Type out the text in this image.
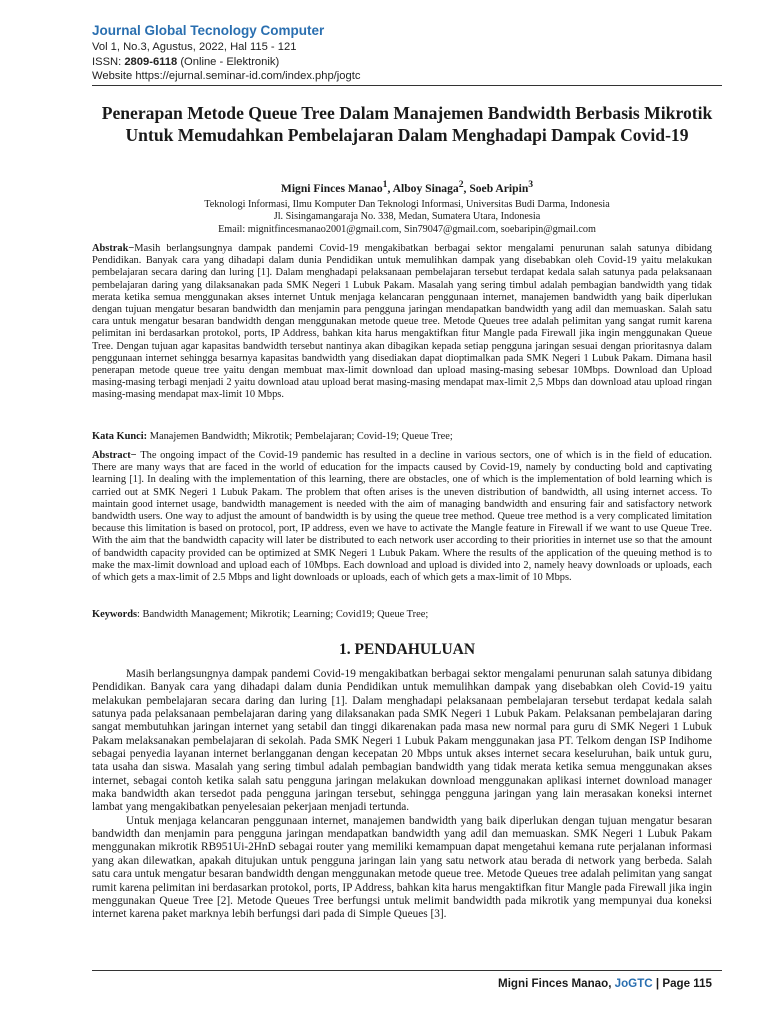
Journal Global Tecnology Computer
Vol 1, No.3, Agustus, 2022, Hal 115 - 121
ISSN: 2809-6118 (Online - Elektronik)
Website https://ejurnal.seminar-id.com/index.php/jogtc
Penerapan Metode Queue Tree Dalam Manajemen Bandwidth Berbasis Mikrotik Untuk Memudahkan Pembelajaran Dalam Menghadapi Dampak Covid-19
Migni Finces Manao$^1$, Alboy Sinaga$^2$, Soeb Aripin$^3$
Teknologi Informasi, Ilmu Komputer Dan Teknologi Informasi, Universitas Budi Darma, Indonesia
Jl. Sisingamangaraja No. 338, Medan, Sumatera Utara, Indonesia
Email: mignitfincesmanao2001@gmail.com, Sin79047@gmail.com, soebaripin@gmail.com
Abstrak−Masih berlangsungnya dampak pandemi Covid-19 mengakibatkan berbagai sektor mengalami penurunan salah satunya dibidang Pendidikan. Banyak cara yang dihadapi dalam dunia Pendidikan untuk memulihkan dampak yang disebabkan oleh Covid-19 yaitu melakukan pembelajaran secara daring dan luring [1]. Dalam menghadapi pelaksanaan pembelajaran tersebut terdapat kedala salah satunya pada pelaksanaan pembelajaran daring yang dilaksanakan pada SMK Negeri 1 Lubuk Pakam. Masalah yang sering timbul adalah pembagian bandwidth yang tidak merata ketika semua menggunakan akses internet Untuk menjaga kelancaran penggunaan internet, manajemen bandwidth yang baik diperlukan dengan tujuan mengatur besaran bandwidth dan menjamin para pengguna jaringan mendapatkan bandwidth yang adil dan memuaskan. Salah satu cara untuk mengatur besaran bandwidth dengan menggunakan metode queue tree. Metode Queues tree adalah pelimitan yang sangat rumit karena pelimitan ini berdasarkan protokol, ports, IP Address, bahkan kita harus mengaktifkan fitur Mangle pada Firewall jika ingin menggunakan Queue Tree. Dengan tujuan agar kapasitas bandwidth tersebut nantinya akan dibagikan kepada setiap pengguna jaringan sesuai dengan prioritasnya dalam penggunaan internet sehingga besarnya kapasitas bandwidth yang disediakan dapat dioptimalkan pada SMK Negeri 1 Lubuk Pakam. Dimana hasil penerapan metode queue tree yaitu dengan membuat max-limit download dan upload masing-masing sebesar 10Mbps. Download dan Upload masing-masing terbagi menjadi 2 yaitu download atau upload berat masing-masing mendapat max-limit 2,5 Mbps dan download atau upload ringan masing-masing mendapat max-limit 10 Mbps.
Kata Kunci: Manajemen Bandwidth; Mikrotik; Pembelajaran; Covid-19; Queue Tree;
Abstract− The ongoing impact of the Covid-19 pandemic has resulted in a decline in various sectors, one of which is in the field of education. There are many ways that are faced in the world of education for the impacts caused by Covid-19, namely by conducting bold and captivating learning [1]. In dealing with the implementation of this learning, there are obstacles, one of which is the implementation of bold learning which is carried out at SMK Negeri 1 Lubuk Pakam. The problem that often arises is the uneven distribution of bandwidth, all using internet access. To maintain good internet usage, bandwidth management is needed with the aim of managing bandwidth and ensuring fair and satisfactory network bandwidth users. One way to adjust the amount of bandwidth is by using the queue tree method. Queue tree method is a very complicated limitation because this limitation is based on protocol, port, IP address, even we have to activate the Mangle feature in Firewall if we want to use Queue Tree. With the aim that the bandwidth capacity will later be distributed to each network user according to their priorities in internet use so that the amount of bandwidth capacity provided can be optimized at SMK Negeri 1 Lubuk Pakam. Where the results of the application of the queuing method is to make the max-limit download and upload each of 10Mbps. Each download and upload is divided into 2, namely heavy downloads or uploads, each of which gets a max-limit of 2.5 Mbps and light downloads or uploads, each of which gets a max-limit of 10 Mbps.
Keywords: Bandwidth Management; Mikrotik; Learning; Covid19; Queue Tree;
1. PENDAHULUAN

Masih berlangsungnya dampak pandemi Covid-19 mengakibatkan berbagai sektor mengalami penurunan salah satunya dibidang Pendidikan. Banyak cara yang dihadapi dalam dunia Pendidikan untuk memulihkan dampak yang disebabkan oleh Covid-19 yaitu melakukan pembelajaran secara daring dan luring [1]. Dalam menghadapi pelaksanaan pembelajaran tersebut terdapat kedala salah satunya pada pelaksanaan pembelajaran daring yang dilaksanakan pada SMK Negeri 1 Lubuk Pakam. Pelaksanan pembelajaran daring sangat membutuhkan jaringan internet yang setabil dan tinggi dikarenakan pada masa new normal para guru di SMK Negeri 1 Lubuk Pakam melaksanakan pembelajaran di sekolah. Pada SMK Negeri 1 Lubuk Pakam menggunakan jasa PT. Telkom dengan ISP Indihome sebagai penyedia layanan internet berlangganan dengan kecepatan 20 Mbps untuk akses internet secara keseluruhan, baik untuk guru, tata usaha dan siswa. Masalah yang sering timbul adalah pembagian bandwidth yang tidak merata ketika semua menggunakan akses internet, sebagai contoh ketika salah satu pengguna jaringan melakukan download menggunakan aplikasi internet download manager maka bandwidth akan tersedot pada pengguna jaringan tersebut, sehingga pengguna jaringan yang lain merasakan koneksi internet lambat yang mengakibatkan penyelesaian pekerjaan menjadi tertunda.

Untuk menjaga kelancaran penggunaan internet, manajemen bandwidth yang baik diperlukan dengan tujuan mengatur besaran bandwidth dan menjamin para pengguna jaringan mendapatkan bandwidth yang adil dan memuaskan. SMK Negeri 1 Lubuk Pakam menggunakan mikrotik RB951Ui-2HnD sebagai router yang memiliki kemampuan dapat mengetahui kemana rute perjalanan informasi yang akan dilewatkan, apakah ditujukan untuk pengguna jaringan lain yang satu network atau berada di network yang berbeda. Salah satu cara untuk mengatur besaran bandwidth dengan menggunakan metode queue tree. Metode Queues tree adalah pelimitan yang sangat rumit karena pelimitan ini berdasarkan protokol, ports, IP Address, bahkan kita harus mengaktifkan fitur Mangle pada Firewall jika ingin menggunakan Queue Tree [2]. Metode Queues Tree berfungsi untuk melimit bandwidth pada mikrotik yang mempunyai dua koneksi internet karena paket marknya lebih berfungsi dari pada di Simple Queues [3].

Migni Finces Manao, JoGTC | Page 115
